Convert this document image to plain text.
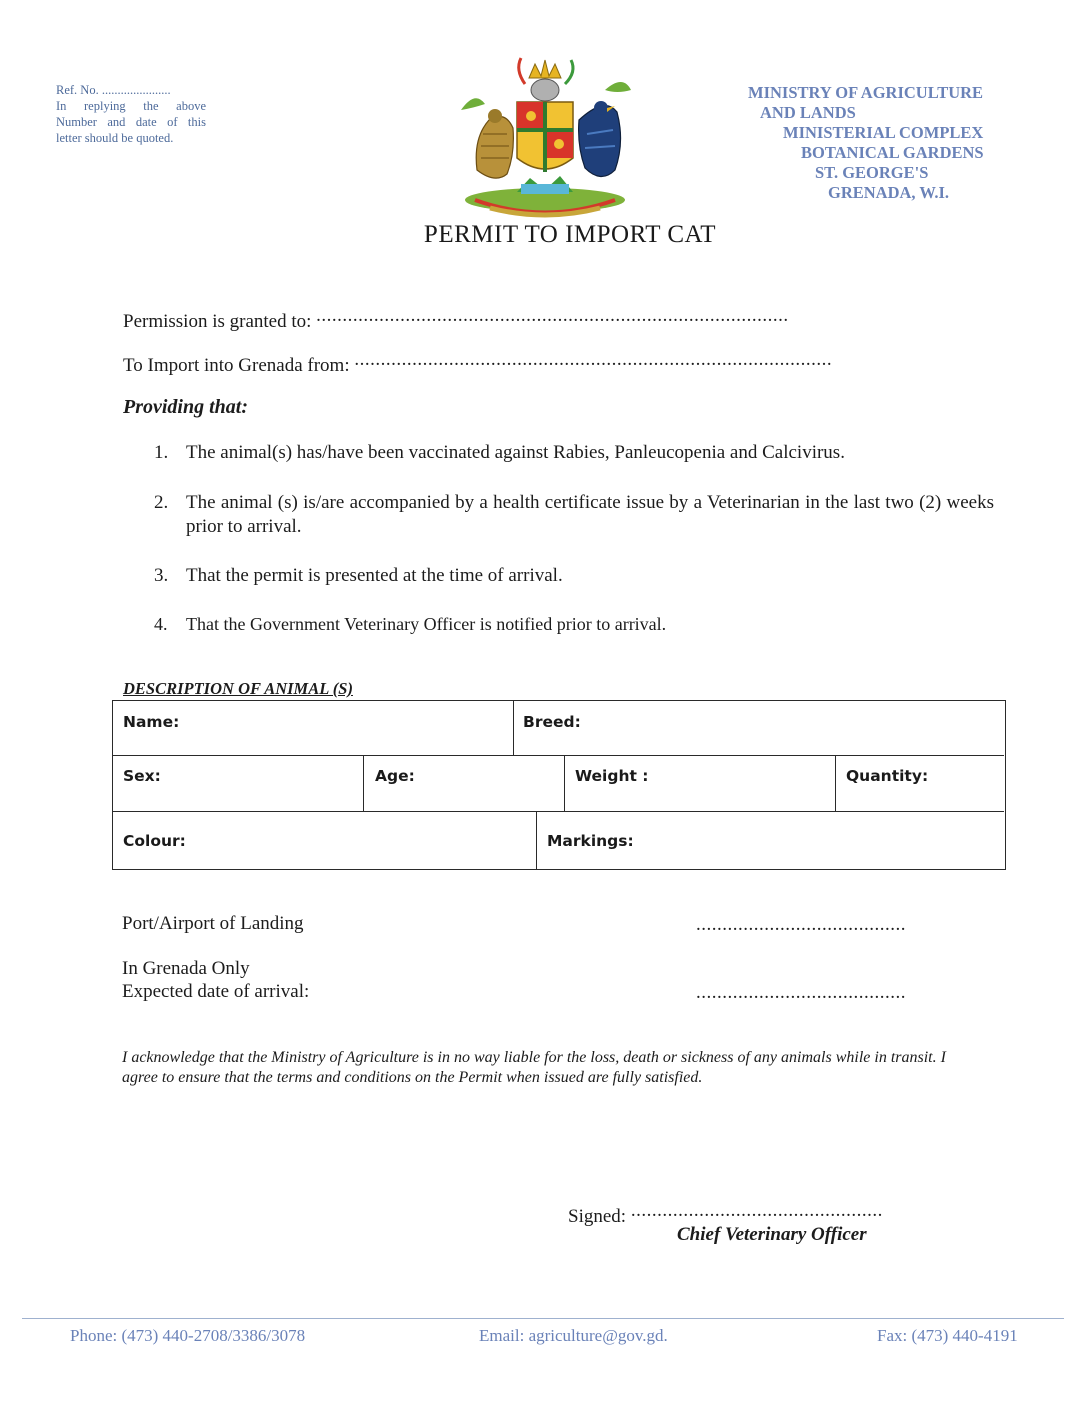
Ref. No. ......................
In replying the above
Number and date of this
letter should be quoted.
MINISTRY OF AGRICULTURE
AND LANDS
MINISTERIAL COMPLEX
BOTANICAL GARDENS
ST. GEORGE'S
GRENADA, W.I.
PERMIT TO IMPORT CAT
Permission is granted to: ..........................................................................................
To Import into Grenada from: ...........................................................................................
Providing that:
1. The animal(s) has/have been vaccinated against Rabies, Panleucopenia and Calcivirus.
2. The animal (s) is/are accompanied by a health certificate issue by a Veterinarian in the last two (2) weeks prior to arrival.
3. That the permit is presented at the time of arrival.
4.	That the Government Veterinary Officer is notified prior to arrival.
DESCRIPTION OF ANIMAL (S)
Name:	Breed:
Sex:	Age:	Weight :	Quantity:
Colour:	Markings:
Port/Airport of Landing	........................................
In Grenada Only
Expected date of arrival:	........................................
I acknowledge that the Ministry of Agriculture is in no way liable for the loss, death or sickness of any animals while in transit. I agree to ensure that the terms and conditions on the Permit when issued are fully satisfied.
Signed: ................................................
Chief Veterinary Officer
Phone: (473) 440-2708/3386/3078	Email: agriculture@gov.gd.	Fax: (473) 440-4191
